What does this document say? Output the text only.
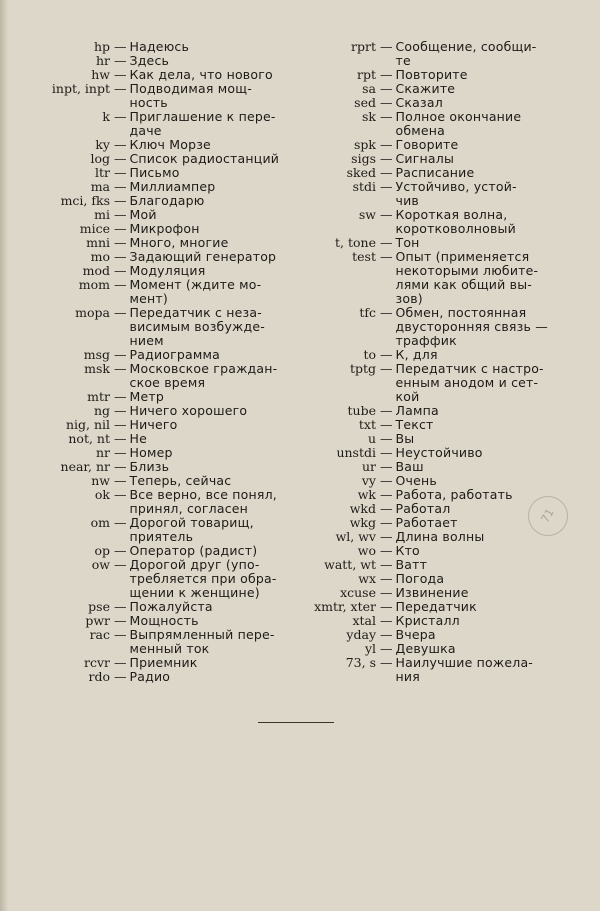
hp — Надеюсь
hr — Здесь
hw — Как дела, что нового
inpt, inpt — Подводимая мощ-
ность
k — Приглашение к пере-
даче
ky — Ключ Морзе
log — Список радиостанций
ltr — Письмо
ma — Миллиампер
mci, fks — Благодарю
mi — Мой
mice — Микрофон
mni — Много, многие
mo — Задающий генератор
mod — Модуляция
mom — Момент (ждите мо-
мент)
mopa — Передатчик с неза-
висимым возбужде-
нием
msg — Радиограмма
msk — Московское граждан-
ское время
mtr — Метр
ng — Ничего хорошего
nig, nil — Ничего
not, nt — Не
nr — Номер
near, nr — Близь
nw — Теперь, сейчас
ok — Все верно, все понял,
принял, согласен
om — Дорогой товарищ,
приятель
op — Оператор (радист)
ow — Дорогой друг (упо-
требляется при обра-
щении к женщине)
pse — Пожалуйста
pwr — Мощность
rac — Выпрямленный пере-
менный ток
rcvr — Приемник
rdo — Радио
rprt — Сообщение, сообщи-
те
rpt — Повторите
sa — Скажите
sed — Сказал
sk — Полное окончание
обмена
spk — Говорите
sigs — Сигналы
sked — Расписание
stdi — Устойчиво, устой-
чив
sw — Короткая волна,
коротковолновый
t, tone — Тон
test — Опыт (применяется
некоторыми любите-
лями как общий вы-
зов)
tfc — Обмен, постоянная
двусторонняя связь —
траффик
to — К, для
tptg — Передатчик с настро-
енным анодом и сет-
кой
tube — Лампа
txt — Текст
u — Вы
unstdi — Неустойчиво
ur — Ваш
vy — Очень
wk — Работа, работать
wkd — Работал
wkg — Работает
wl, wv — Длина волны
wo — Кто
watt, wt — Ватт
wx — Погода
xcuse — Извинение
xmtr, xter — Передатчик
xtal — Кристалл
yday — Вчера
yl — Девушка
73, s — Наилучшие пожела-
ния
71
